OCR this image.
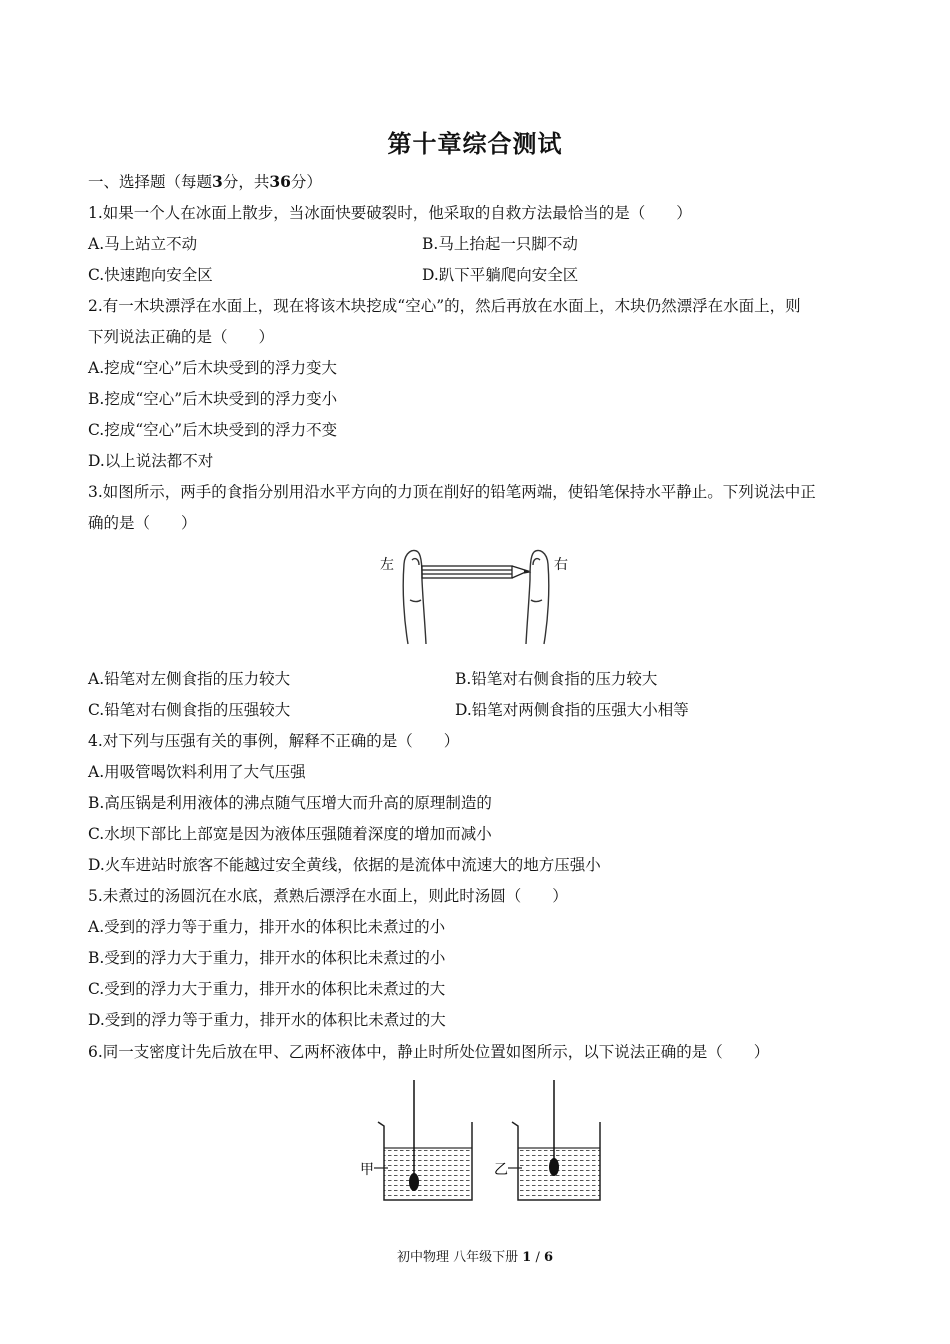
第十章综合测试
一、选择题（每题3分，共36分）
1.如果一个人在冰面上散步，当冰面快要破裂时，他采取的自救方法最恰当的是（　　）
A.马上站立不动	B.马上抬起一只脚不动
C.快速跑向安全区	D.趴下平躺爬向安全区
2.有一木块漂浮在水面上，现在将该木块挖成“空心”的，然后再放在水面上，木块仍然漂浮在水面上，则
下列说法正确的是（　　）
A.挖成“空心”后木块受到的浮力变大
B.挖成“空心”后木块受到的浮力变小
C.挖成“空心”后木块受到的浮力不变
D.以上说法都不对
3.如图所示，两手的食指分别用沿水平方向的力顶在削好的铅笔两端，使铅笔保持水平静止。下列说法中正
确的是（　　）
左	右
A.铅笔对左侧食指的压力较大	B.铅笔对右侧食指的压力较大
C.铅笔对右侧食指的压强较大	D.铅笔对两侧食指的压强大小相等
4.对下列与压强有关的事例，解释不正确的是（　　）
A.用吸管喝饮料利用了大气压强
B.高压锅是利用液体的沸点随气压增大而升高的原理制造的
C.水坝下部比上部宽是因为液体压强随着深度的增加而减小
D.火车进站时旅客不能越过安全黄线，依据的是流体中流速大的地方压强小
5.未煮过的汤圆沉在水底，煮熟后漂浮在水面上，则此时汤圆（　　）
A.受到的浮力等于重力，排开水的体积比未煮过的小
B.受到的浮力大于重力，排开水的体积比未煮过的小
C.受到的浮力大于重力，排开水的体积比未煮过的大
D.受到的浮力等于重力，排开水的体积比未煮过的大
6.同一支密度计先后放在甲、乙两杯液体中，静止时所处位置如图所示，以下说法正确的是（　　）
甲	乙
初中物理 八年级下册 1 / 6
